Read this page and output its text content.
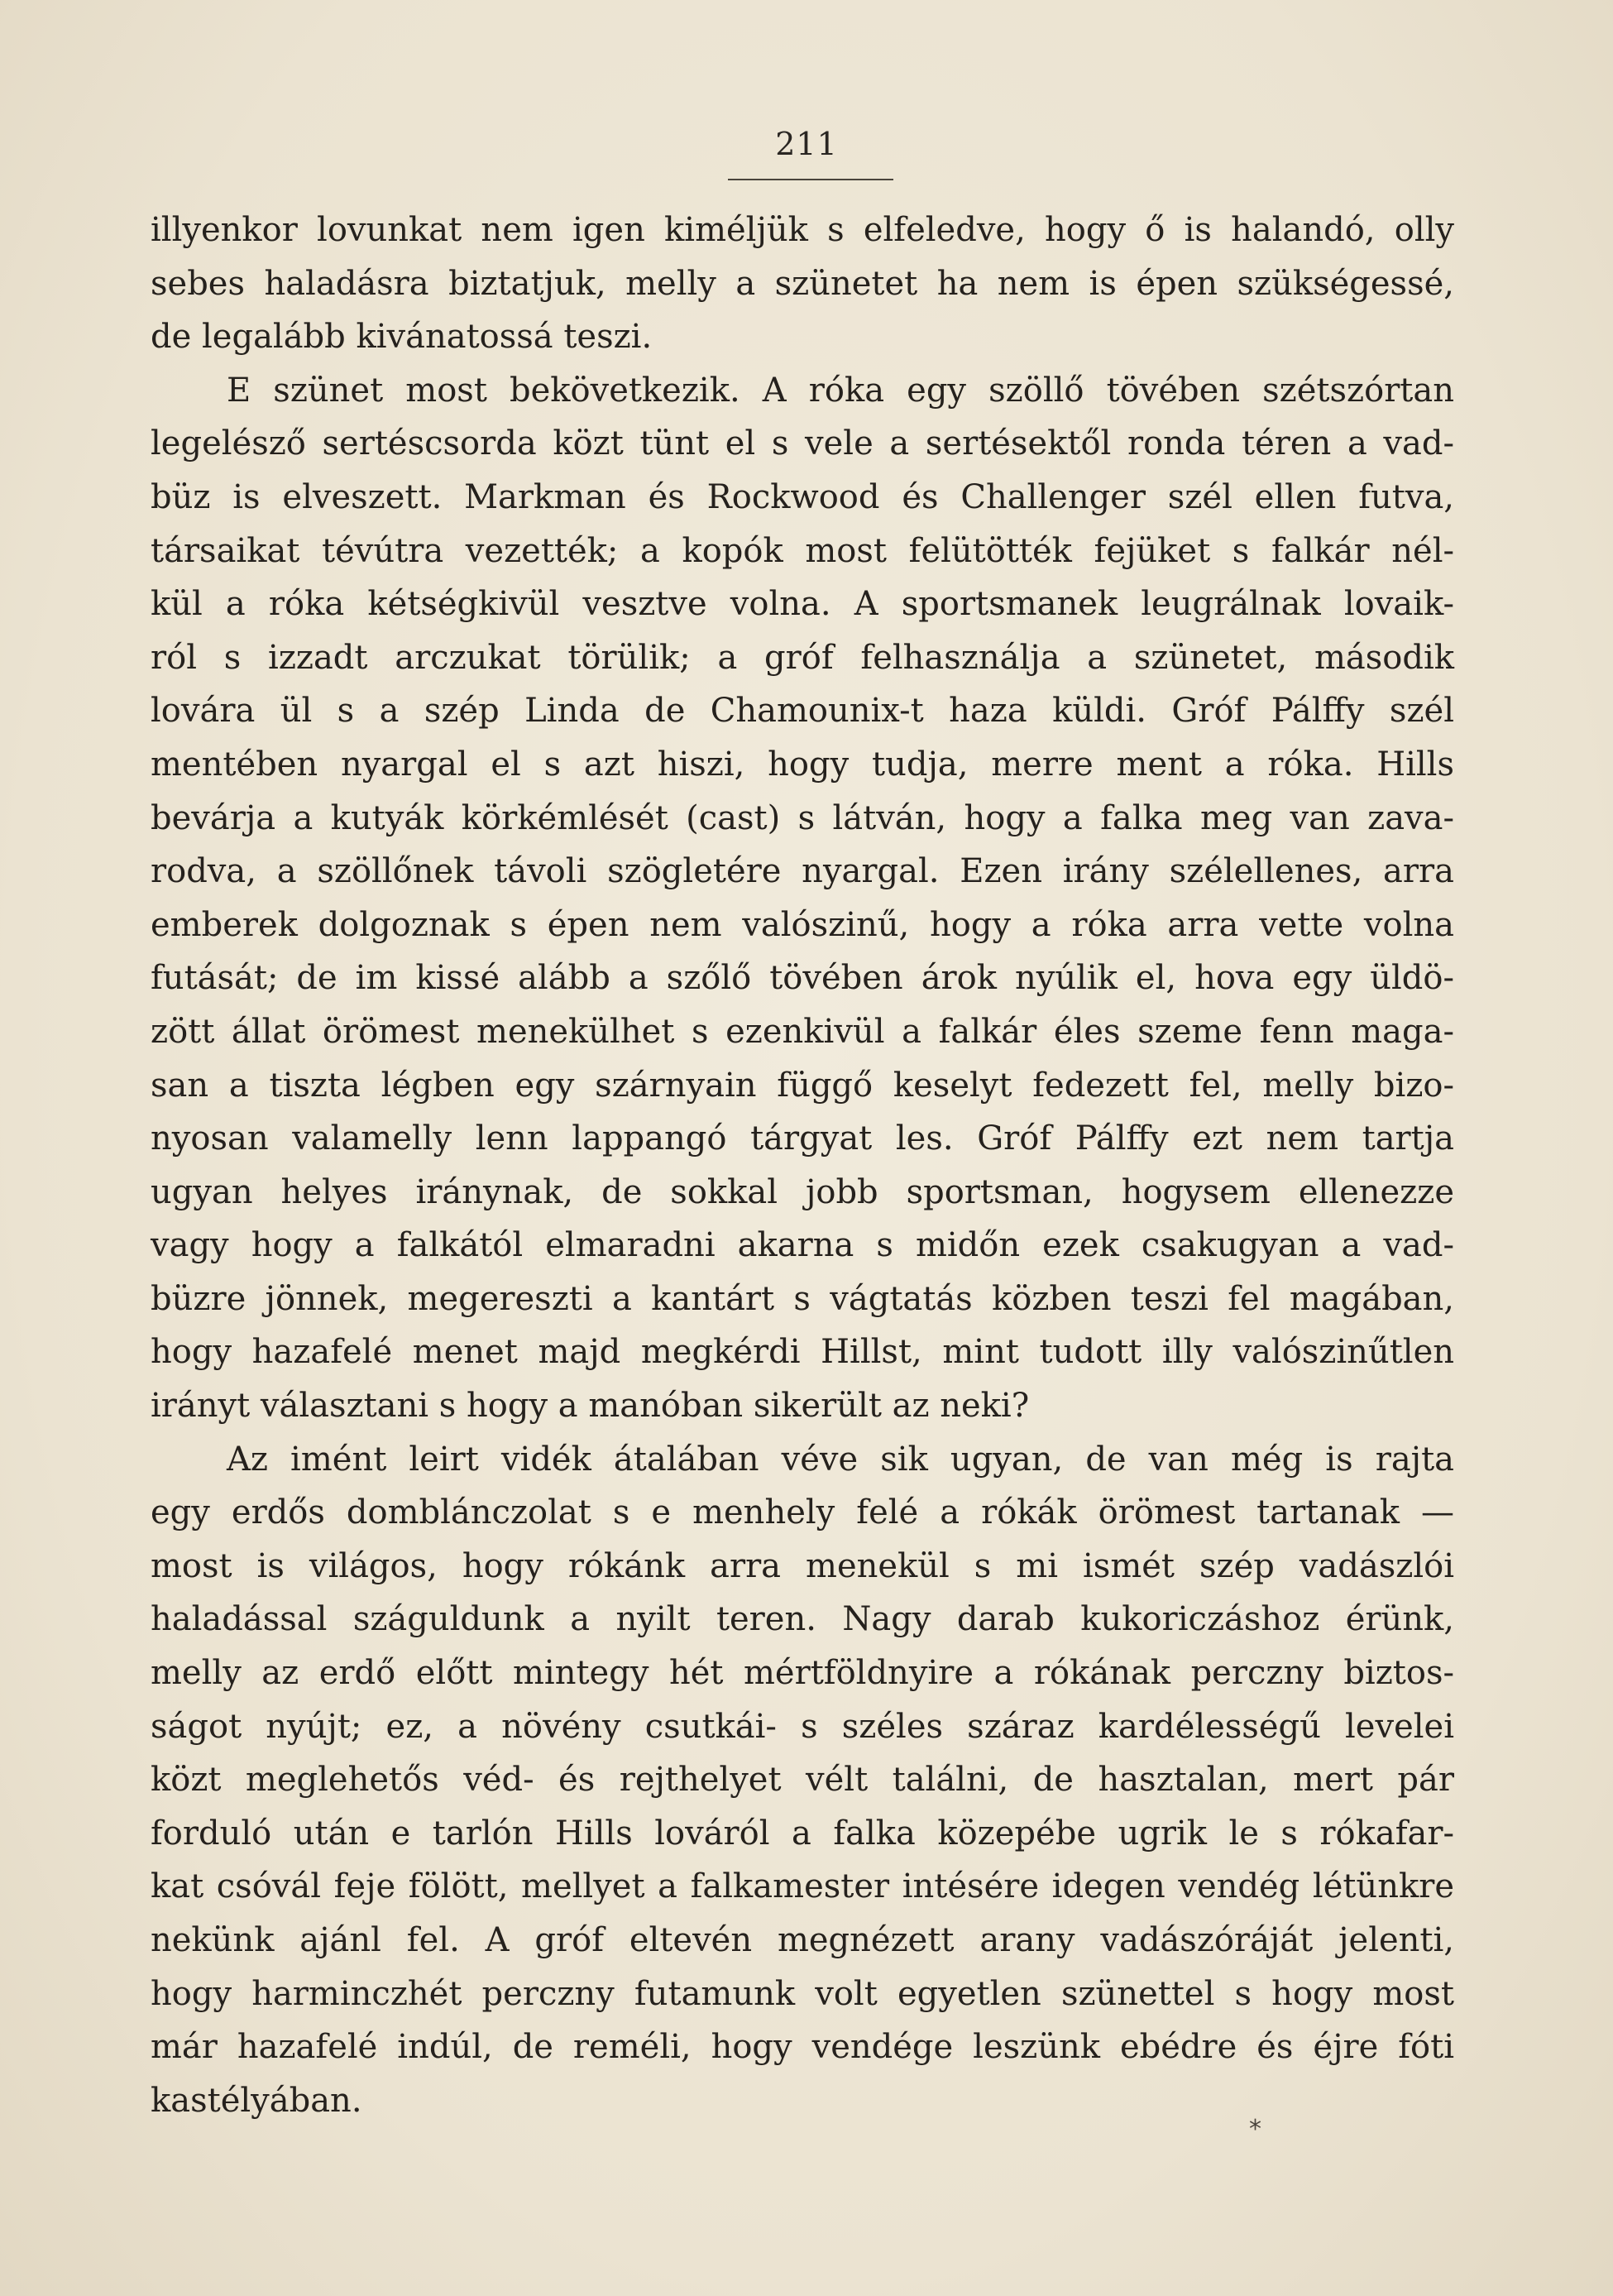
211
illyenkor lovunkat nem igen kiméljük s elfeledve, hogy ő is halandó, olly
sebes haladásra biztatjuk, melly a szünetet ha nem is épen szükségessé,
de legalább kivánatossá teszi.
E szünet most bekövetkezik. A róka egy szöllő tövében szétszórtan
legelésző sertéscsorda közt tünt el s vele a sertésektől ronda téren a vad-
büz is elveszett. Markman és Rockwood és Challenger szél ellen futva,
társaikat tévútra vezették; a kopók most felütötték fejüket s falkár nél-
kül a róka kétségkivül vesztve volna. A sportsmanek leugrálnak lovaik-
ról s izzadt arczukat törülik; a gróf felhasználja a szünetet, második
lovára ül s a szép Linda de Chamounix-t haza küldi. Gróf Pálffy szél
mentében nyargal el s azt hiszi, hogy tudja, merre ment a róka. Hills
bevárja a kutyák körkémlését (cast) s látván, hogy a falka meg van zava-
rodva, a szöllőnek távoli szögletére nyargal. Ezen irány szélellenes, arra
emberek dolgoznak s épen nem valószinű, hogy a róka arra vette volna
futását; de im kissé alább a szőlő tövében árok nyúlik el, hova egy üldö-
zött állat örömest menekülhet s ezenkivül a falkár éles szeme fenn maga-
san a tiszta légben egy szárnyain függő keselyt fedezett fel, melly bizo-
nyosan valamelly lenn lappangó tárgyat les. Gróf Pálffy ezt nem tartja
ugyan helyes iránynak, de sokkal jobb sportsman, hogysem ellenezze
vagy hogy a falkától elmaradni akarna s midőn ezek csakugyan a vad-
büzre jönnek, megereszti a kantárt s vágtatás közben teszi fel magában,
hogy hazafelé menet majd megkérdi Hillst, mint tudott illy valószinűtlen
irányt választani s hogy a manóban sikerült az neki?
Az imént leirt vidék átalában véve sik ugyan, de van még is rajta
egy erdős domblánczolat s e menhely felé a rókák örömest tartanak —
most is világos, hogy rókánk arra menekül s mi ismét szép vadászlói
haladással száguldunk a nyilt teren. Nagy darab kukoriczáshoz érünk,
melly az erdő előtt mintegy hét mértföldnyire a rókának perczny biztos-
ságot nyújt; ez, a növény csutkái- s széles száraz kardélességű levelei
közt meglehetős véd- és rejthelyet vélt találni, de hasztalan, mert pár
forduló után e tarlón Hills lováról a falka közepébe ugrik le s rókafar-
kat csóvál feje fölött, mellyet a falkamester intésére idegen vendég létünkre
nekünk ajánl fel. A gróf eltevén megnézett arany vadászóráját jelenti,
hogy harminczhét perczny futamunk volt egyetlen szünettel s hogy most
már hazafelé indúl, de reméli, hogy vendége leszünk ebédre és éjre fóti
kastélyában.
*
